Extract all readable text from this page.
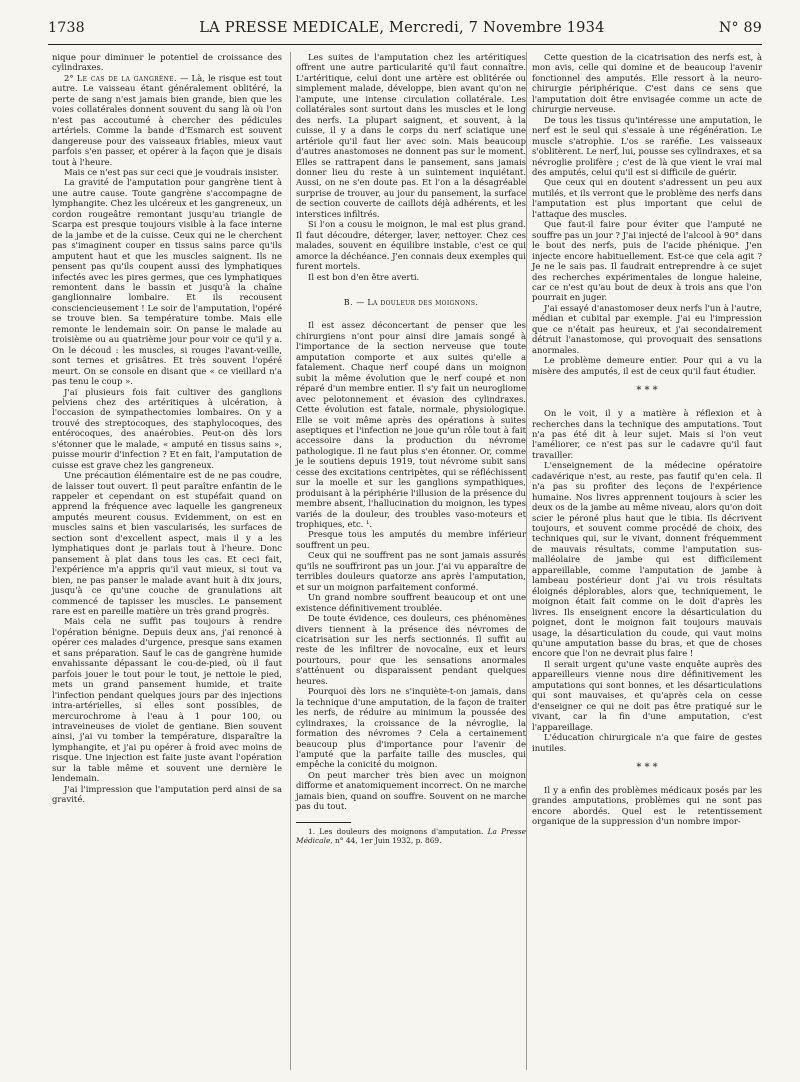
1738	LA PRESSE MEDICALE, Mercredi, 7 Novembre 1934	N° 89

nique pour diminuer le potentiel de croissance des cylindraxes.

2° Le cas de la gangrène. — Là, le risque est tout autre. Le vaisseau étant généralement oblitéré, la perte de sang n'est jamais bien grande, bien que les voies collatérales donnent souvent du sang là où l'on n'est pas accoutumé à chercher des pédicules artériels. Comme la bande d'Esmarch est souvent dangereuse pour des vaisseaux friables, mieux vaut parfois s'en passer, et opérer à la façon que je disais tout à l'heure.

Mais ce n'est pas sur ceci que je voudrais insister.

La gravité de l'amputation pour gangrène tient à une autre cause. Toute gangrène s'accompagne de lymphangite. Chez les ulcéreux et les gangreneux, un cordon rougeâtre remontant jusqu'au triangle de Scarpa est presque toujours visible à la face interne de la jambe et de la cuisse. Ceux qui ne le cherchent pas s'imaginent couper en tissus sains parce qu'ils amputent haut et que les muscles saignent. Ils ne pensent pas qu'ils coupent aussi des lymphatiques infectés avec les pires germes, que ces lymphatiques remontent dans le bassin et jusqu'à la chaîne ganglionnaire lombaire. Et ils recousent consciencieusement ! Le soir de l'amputation, l'opéré se trouve bien. Sa température tombe. Mais elle remonte le lendemain soir. On panse le malade au troisième ou au quatrième jour pour voir ce qu'il y a. On le découd : les muscles, si rouges l'avant-veille, sont ternes et grisâtres. Et très souvent l'opéré meurt. On se console en disant que « ce vieillard n'a pas tenu le coup ».

J'ai plusieurs fois fait cultiver des ganglions pelviens chez des artéritiques à ulcération, à l'occasion de sympathectomies lombaires. On y a trouvé des streptocoques, des staphylocoques, des entérocoques, des anaérobies. Peut-on dès lors s'étonner que le malade, « amputé en tissus sains », puisse mourir d'infection ? Et en fait, l'amputation de cuisse est grave chez les gangreneux.

Une précaution élémentaire est de ne pas coudre, de laisser tout ouvert. Il peut paraître enfantin de le rappeler et cependant on est stupéfait quand on apprend la fréquence avec laquelle les gangreneux amputés meurent cousus. Evidemment, on est en muscles sains et bien vascularisés, les surfaces de section sont d'excellent aspect, mais il y a les lymphatiques dont je parlais tout à l'heure. Donc pansement à plat dans tous les cas. Et ceci fait, l'expérience m'a appris qu'il vaut mieux, si tout va bien, ne pas panser le malade avant huit à dix jours, jusqu'à ce qu'une couche de granulations ait commencé de tapisser les muscles. Le pansement rare est en pareille matière un très grand progrès.

Mais cela ne suffit pas toujours à rendre l'opération bénigne. Depuis deux ans, j'ai renoncé à opérer ces malades d'urgence, presque sans examen et sans préparation. Sauf le cas de gangrène humide envahissante dépassant le cou-de-pied, où il faut parfois jouer le tout pour le tout, je nettoie le pied, mets un grand pansement humide, et traite l'infection pendant quelques jours par des injections intra-artérielles, si elles sont possibles, de mercurochrome à l'eau à 1 pour 100, ou intraveineuses de violet de gentiane. Bien souvent ainsi, j'ai vu tomber la température, disparaître la lymphangite, et j'ai pu opérer à froid avec moins de risque. Une injection est faite juste avant l'opération sur la table même et souvent une dernière le lendemain.

J'ai l'impression que l'amputation perd ainsi de sa gravité.

Les suites de l'amputation chez les artéritiques offrent une autre particularité qu'il faut connaître. L'artéritique, celui dont une artère est oblitérée ou simplement malade, développe, bien avant qu'on ne l'ampute, une intense circulation collatérale. Les collatérales sont surtout dans les muscles et le long des nerfs. La plupart saignent, et souvent, à la cuisse, il y a dans le corps du nerf sciatique une artériole qu'il faut lier avec soin. Mais beaucoup d'autres anastomoses ne donnent pas sur le moment. Elles se rattrapent dans le pansement, sans jamais donner lieu du reste à un suintement inquiétant. Aussi, on ne s'en doute pas. Et l'on a la désagréable surprise de trouver, au jour du pansement, la surface de section couverte de caillots déjà adhérents, et les interstices infiltrés.

Si l'on a cousu le moignon, le mal est plus grand. Il faut découdre, déterger, laver, nettoyer. Chez ces malades, souvent en équilibre instable, c'est ce qui amorce la déchéance. J'en connais deux exemples qui furent mortels.

Il est bon d'en être averti.

B. — La douleur des moignons.

Il est assez déconcertant de penser que les chirurgiens n'ont pour ainsi dire jamais songé à l'importance de la section nerveuse que toute amputation comporte et aux suites qu'elle a fatalement. Chaque nerf coupé dans un moignon subit la même évolution que le nerf coupé et non réparé d'un membre entier. Il s'y fait un neurogliome avec pelotonnement et évasion des cylindraxes. Cette évolution est fatale, normale, physiologique. Elle se voit même après des opérations à suites aseptiques et l'infection ne joue qu'un rôle tout à fait accessoire dans la production du névrome pathologique. Il ne faut plus s'en étonner. Or, comme je le soutiens depuis 1919, tout névrome subit sans cesse des excitations centripètes, qui se réfléchissent sur la moelle et sur les ganglions sympathiques, produisant à la périphérie l'illusion de la présence du membre absent, l'hallucination du moignon, les types variés de la douleur, des troubles vaso-moteurs et trophiques, etc. ¹.

Presque tous les amputés du membre inférieur souffrent un peu.

Ceux qui ne souffrent pas ne sont jamais assurés qu'ils ne souffriront pas un jour. J'ai vu apparaître de terribles douleurs quatorze ans après l'amputation, et sur un moignon parfaitement conformé.

Un grand nombre souffrent beaucoup et ont une existence définitivement troublée.

De toute évidence, ces douleurs, ces phénomènes divers tiennent à la présence des névromes de cicatrisation sur les nerfs sectionnés. Il suffit au reste de les infiltrer de novocaïne, eux et leurs pourtours, pour que les sensations anormales s'atténuent ou disparaissent pendant quelques heures.

Pourquoi dès lors ne s'inquiète-t-on jamais, dans la technique d'une amputation, de la façon de traiter les nerfs, de réduire au minimum la poussée des cylindraxes, la croissance de la névroglie, la formation des névromes ? Cela a certainement beaucoup plus d'importance pour l'avenir de l'amputé que la parfaite taille des muscles, qui empêche la conicité du moignon.

On peut marcher très bien avec un moignon difforme et anatomiquement incorrect. On ne marche jamais bien, quand on souffre. Souvent on ne marche pas du tout.

1. Les douleurs des moignons d'amputation. La Presse Médicale, n° 44, 1er Juin 1932, p. 869.

Cette question de la cicatrisation des nerfs est, à mon avis, celle qui domine et de beaucoup l'avenir fonctionnel des amputés. Elle ressort à la neuro-chirurgie périphérique. C'est dans ce sens que l'amputation doit être envisagée comme un acte de chirurgie nerveuse.

De tous les tissus qu'intéresse une amputation, le nerf est le seul qui s'essaie à une régénération. Le muscle s'atrophie. L'os se raréfie. Les vaisseaux s'oblitèrent. Le nerf, lui, pousse ses cylindraxes, et sa névroglie prolifère ; c'est de là que vient le vrai mal des amputés, celui qu'il est si difficile de guérir.

Que ceux qui en doutent s'adressent un peu aux mutilés, et ils verront que le problème des nerfs dans l'amputation est plus important que celui de l'attaque des muscles.

Que faut-il faire pour éviter que l'amputé ne souffre pas un jour ? J'ai injecté de l'alcool à 90° dans le bout des nerfs, puis de l'acide phénique. J'en injecte encore habituellement. Est-ce que cela agit ? Je ne le sais pas. Il faudrait entreprendre à ce sujet des recherches expérimentales de longue haleine, car ce n'est qu'au bout de deux à trois ans que l'on pourrait en juger.

J'ai essayé d'anastomoser deux nerfs l'un à l'autre, médian et cubital par exemple. J'ai eu l'impression que ce n'était pas heureux, et j'ai secondairement détruit l'anastomose, qui provoquait des sensations anormales.

Le problème demeure entier. Pour qui a vu la misère des amputés, il est de ceux qu'il faut étudier.

* * *

On le voit, il y a matière à réflexion et à recherches dans la technique des amputations. Tout n'a pas été dit à leur sujet. Mais si l'on veut l'améliorer, ce n'est pas sur le cadavre qu'il faut travailler.

L'enseignement de la médecine opératoire cadavérique n'est, au reste, pas fautif qu'en cela. Il n'a pas su profiter des leçons de l'expérience humaine. Nos livres apprennent toujours à scier les deux os de la jambe au même niveau, alors qu'on doit scier le péroné plus haut que le tibia. Ils décrivent toujours, et souvent comme procédé de choix, des techniques qui, sur le vivant, donnent fréquemment de mauvais résultats, comme l'amputation sus-malléolaire de jambe qui est difficilement appareillable, comme l'amputation de jambe à lambeau postérieur dont j'ai vu trois résultats éloignés déplorables, alors que, techniquement, le moignon était fait comme on le doit d'après les livres. Ils enseignent encore la désarticulation du poignet, dont le moignon fait toujours mauvais usage, la désarticulation du coude, qui vaut moins qu'une amputation basse du bras, et que de choses encore que l'on ne devrait plus faire !

Il serait urgent qu'une vaste enquête auprès des appareilleurs vienne nous dire définitivement les amputations qui sont bonnes, et les désarticulations qui sont mauvaises, et qu'après cela on cesse d'enseigner ce qui ne doit pas être pratiqué sur le vivant, car la fin d'une amputation, c'est l'appareillage.

L'éducation chirurgicale n'a que faire de gestes inutiles.

* * *

Il y a enfin des problèmes médicaux posés par les grandes amputations, problèmes qui ne sont pas encore abordés. Quel est le retentissement organique de la suppression d'un nombre impor-
